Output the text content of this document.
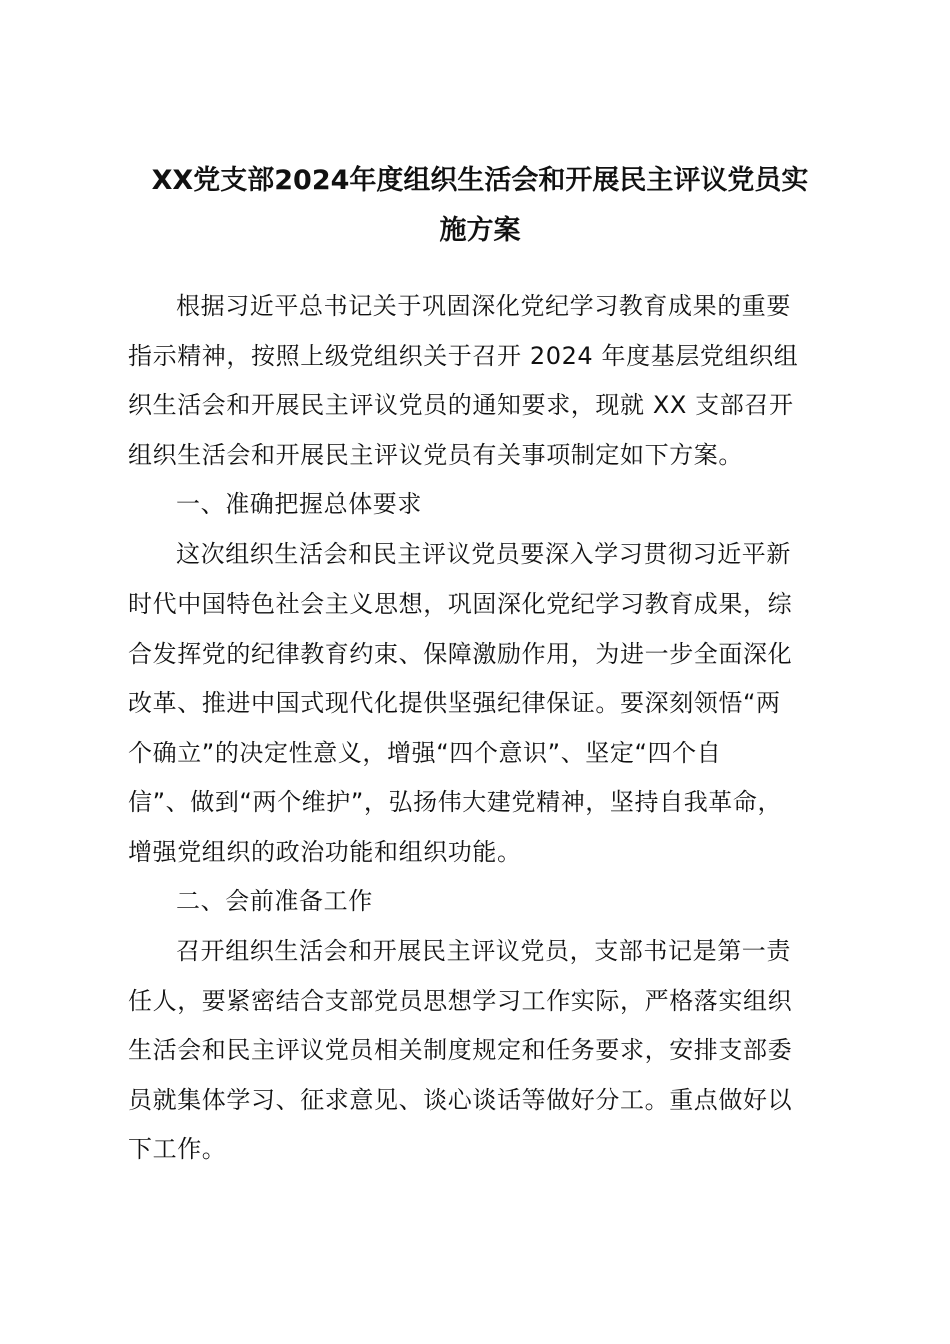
XX党支部2024年度组织生活会和开展民主评议党员实
施方案

根据习近平总书记关于巩固深化党纪学习教育成果的重要

指示精神，按照上级党组织关于召开 2024 年度基层党组织组

织生活会和开展民主评议党员的通知要求，现就 XX 支部召开

组织生活会和开展民主评议党员有关事项制定如下方案。

一、准确把握总体要求

这次组织生活会和民主评议党员要深入学习贯彻习近平新

时代中国特色社会主义思想，巩固深化党纪学习教育成果，综

合发挥党的纪律教育约束、保障激励作用，为进一步全面深化

改革、推进中国式现代化提供坚强纪律保证。要深刻领悟“两

个确立”的决定性意义，增强“四个意识”、坚定“四个自

信”、做到“两个维护”，弘扬伟大建党精神，坚持自我革命，

增强党组织的政治功能和组织功能。

二、会前准备工作

召开组织生活会和开展民主评议党员，支部书记是第一责

任人，要紧密结合支部党员思想学习工作实际，严格落实组织

生活会和民主评议党员相关制度规定和任务要求，安排支部委

员就集体学习、征求意见、谈心谈话等做好分工。重点做好以

下工作。
